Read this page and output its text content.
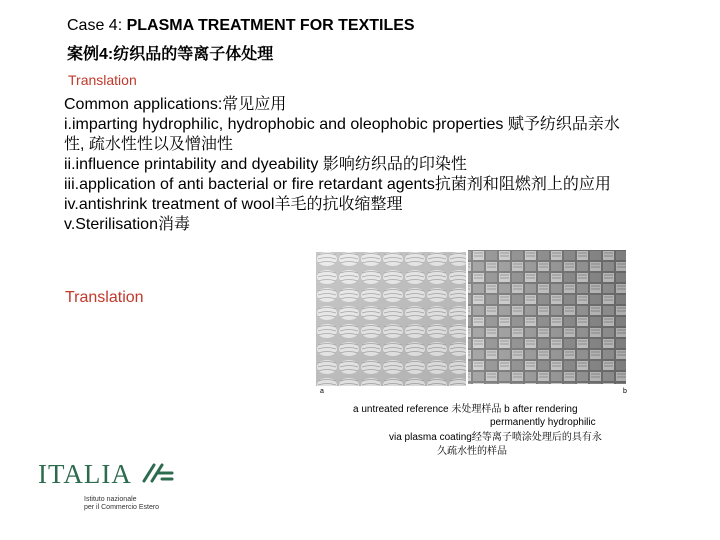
Case 4: PLASMA TREATMENT FOR TEXTILES
案例4:纺织品的等离子体处理
Translation
Common applications:常见应用
i.imparting hydrophilic, hydrophobic and oleophobic properties 赋予纺织品亲水性, 疏水性性以及憎油性
ii.influence printability and dyeability 影响纺织品的印染性
iii.application of anti bacterial or fire retardant agents抗菌剂和阻燃剂上的应用
iv.antishrink treatment of wool羊毛的抗收缩整理
v.Sterilisation消毒
Translation
a	b
a untreated reference 未处理样品 b after rendering
permanently hydrophilic
via plasma coating经等离子喷涂处理后的具有永
久疏水性的样品
ITALIA
Istituto nazionale
per il Commercio Estero
